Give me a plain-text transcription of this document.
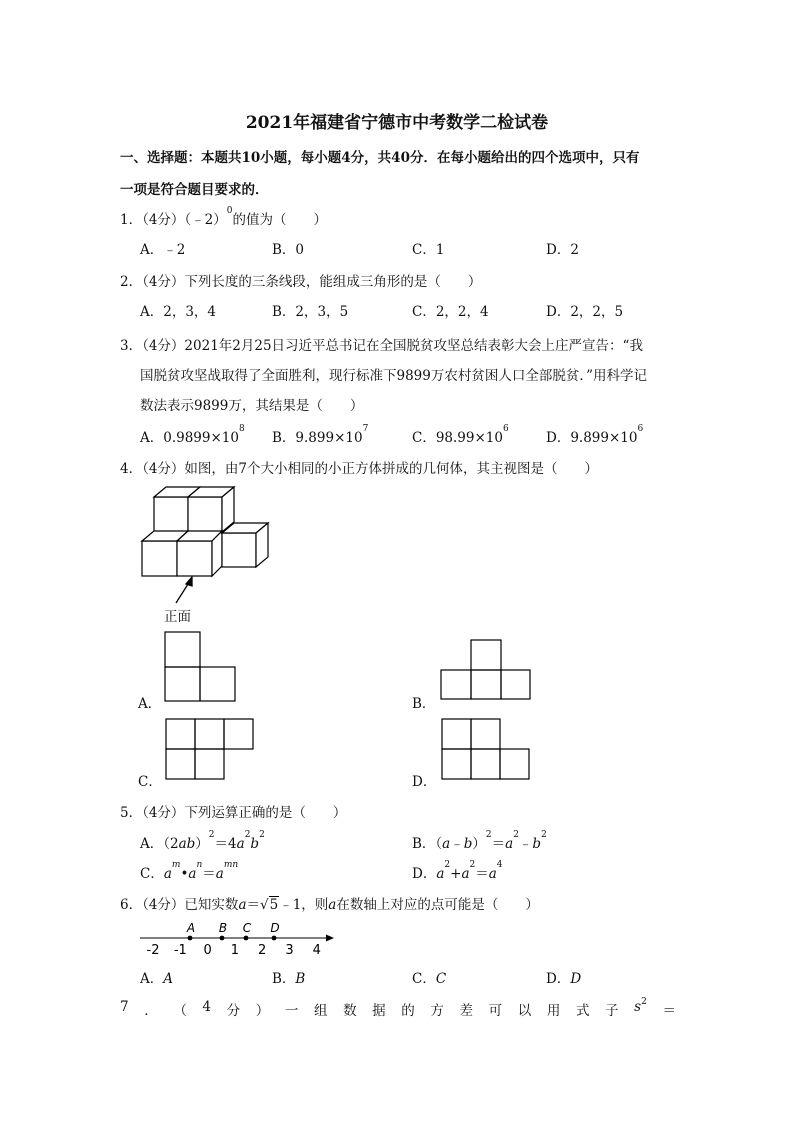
2021年福建省宁德市中考数学二检试卷
一、选择题：本题共10小题，每小题4分，共40分．在每小题给出的四个选项中，只有
一项是符合题目要求的．
1．（4分）（﹣2）$^0$的值为（　　）
A．﹣2	B．0	C．1	D．2
2．（4分）下列长度的三条线段，能组成三角形的是（　　）
A．2，3，4	B．2，3，5	C．2，2，4	D．2，2，5
3．（4分）2021年2月25日习近平总书记在全国脱贫攻坚总结表彰大会上庄严宣告：“我
国脱贫攻坚战取得了全面胜利，现行标准下9899万农村贫困人口全部脱贫．”用科学记
数法表示9899万，其结果是（　　）
A．$0.9899\times 10^8$
B．$9.899\times 10^7$
C．$98.99\times 10^6$
D．$9.899\times 10^6$
4．（4分）如图，由7个大小相同的小正方体拼成的几何体，其主视图是（　　）
正面
A．	B．
C．	D．
5．（4分）下列运算正确的是（　　）
A．$(2ab)^2=4a^2b^2$
B．$(a﹣b)^2=a^2﹣b^2$
C．$a^m•a^n=a^{mn}$
D．$a^2+a^2=a^4$
6．（4分）已知实数a＝√5﹣1，则a在数轴上对应的点可能是（　　）
-2 -1 0 1 2 3 4
A B C D
A．A	B．B	C．C	D．D
7 ． （ 4 分 ） 一 组 数 据 的 方 差 可 以 用 式 子 $s^2$
＝
